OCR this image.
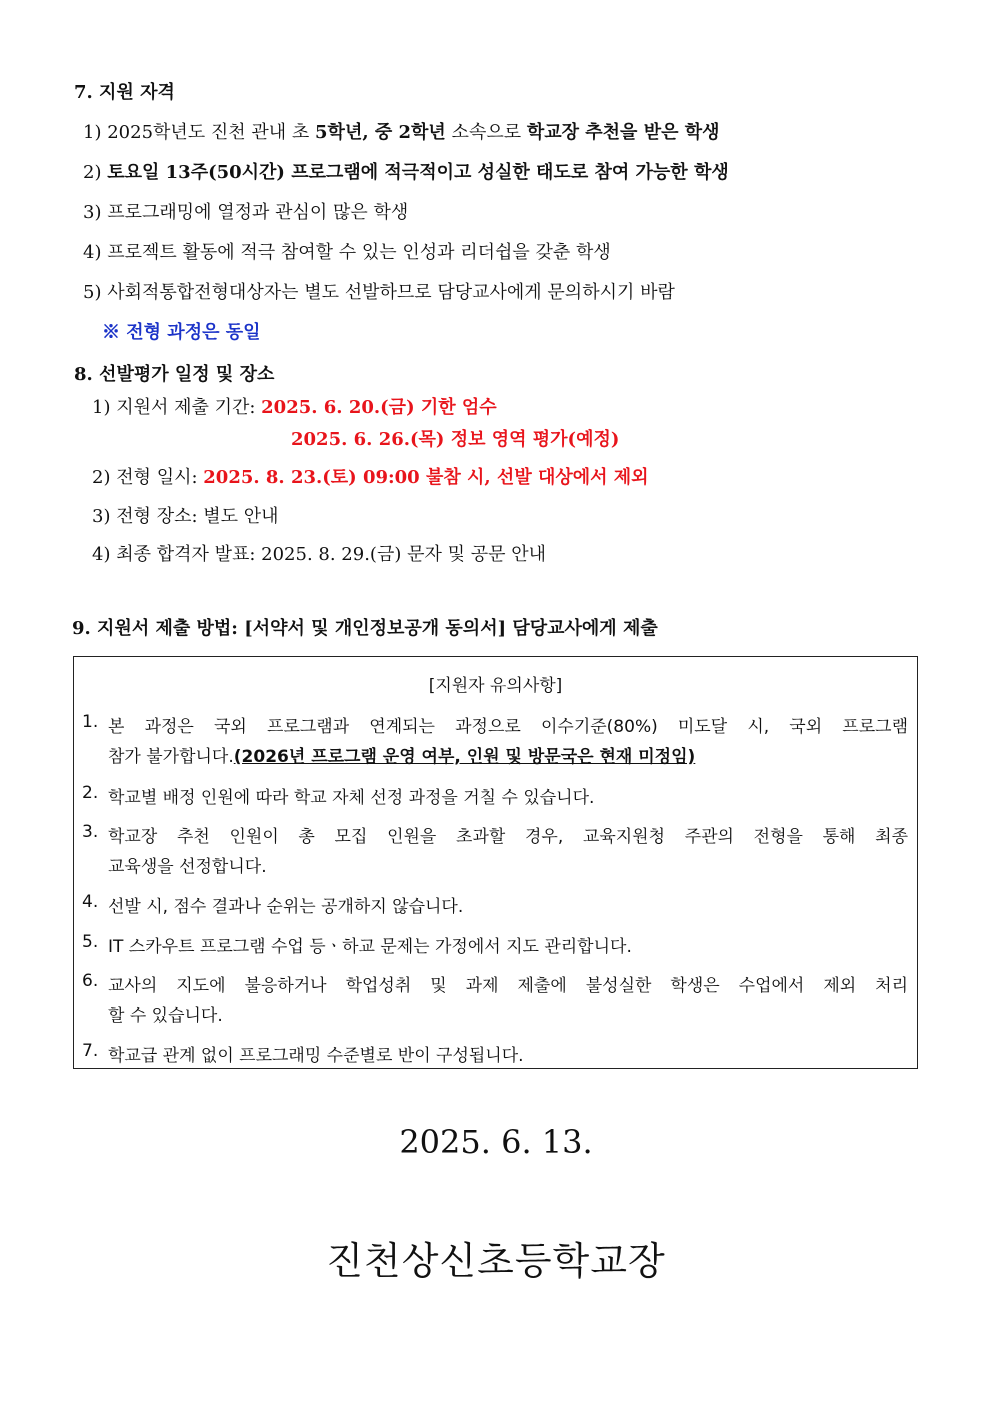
7. 지원 자격
1) 2025학년도 진천 관내 초 5학년, 중 2학년 소속으로 학교장 추천을 받은 학생
2) 토요일 13주(50시간) 프로그램에 적극적이고 성실한 태도로 참여 가능한 학생
3) 프로그래밍에 열정과 관심이 많은 학생
4) 프로젝트 활동에 적극 참여할 수 있는 인성과 리더쉽을 갖춘 학생
5) 사회적통합전형대상자는 별도 선발하므로 담당교사에게 문의하시기 바람
※ 전형 과정은 동일
8. 선발평가 일정 및 장소
1) 지원서 제출 기간: 2025. 6. 20.(금) 기한 엄수
2025. 6. 26.(목) 정보 영역 평가(예정)
2) 전형 일시: 2025. 8. 23.(토) 09:00 불참 시, 선발 대상에서 제외
3) 전형 장소: 별도 안내
4) 최종 합격자 발표: 2025. 8. 29.(금) 문자 및 공문 안내
9. 지원서 제출 방법: [서약서 및 개인정보공개 동의서] 담당교사에게 제출
[지원자 유의사항]
1. 본 과정은 국외 프로그램과 연계되는 과정으로 이수기준(80%) 미도달 시, 국외 프로그램
참가 불가합니다.(2026년 프로그램 운영 여부, 인원 및 방문국은 현재 미정임)
2. 학교별 배정 인원에 따라 학교 자체 선정 과정을 거칠 수 있습니다.
3. 학교장 추천 인원이 총 모집 인원을 초과할 경우, 교육지원청 주관의 전형을 통해 최종
교육생을 선정합니다.
4. 선발 시, 점수 결과나 순위는 공개하지 않습니다.
5. IT 스카우트 프로그램 수업 등ㆍ하교 문제는 가정에서 지도 관리합니다.
6. 교사의 지도에 불응하거나 학업성취 및 과제 제출에 불성실한 학생은 수업에서 제외 처리
할 수 있습니다.
7. 학교급 관계 없이 프로그래밍 수준별로 반이 구성됩니다.
2025. 6. 13.
진천상신초등학교장
